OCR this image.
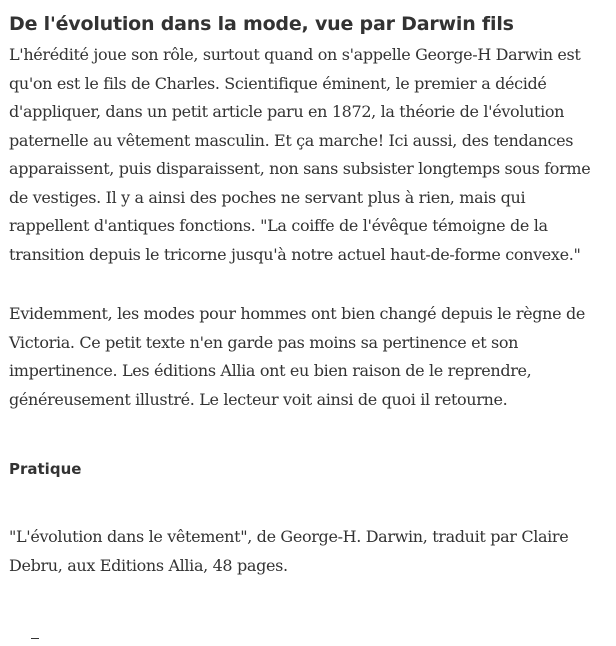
De l'évolution dans la mode, vue par Darwin fils

L'hérédité joue son rôle, surtout quand on s'appelle George-H Darwin est qu'on est le fils de Charles. Scientifique éminent, le premier a décidé d'appliquer, dans un petit article paru en 1872, la théorie de l'évolution paternelle au vêtement masculin. Et ça marche! Ici aussi, des tendances apparaissent, puis disparaissent, non sans subsister longtemps sous forme de vestiges. Il y a ainsi des poches ne servant plus à rien, mais qui rappellent d'antiques fonctions. "La coiffe de l'évêque témoigne de la transition depuis le tricorne jusqu'à notre actuel haut-de-forme convexe."

Evidemment, les modes pour hommes ont bien changé depuis le règne de Victoria. Ce petit texte n'en garde pas moins sa pertinence et son impertinence. Les éditions Allia ont eu bien raison de le reprendre, généreusement illustré. Le lecteur voit ainsi de quoi il retourne.

Pratique

"L'évolution dans le vêtement", de George-H. Darwin, traduit par Claire Debru, aux Editions Allia, 48 pages.
